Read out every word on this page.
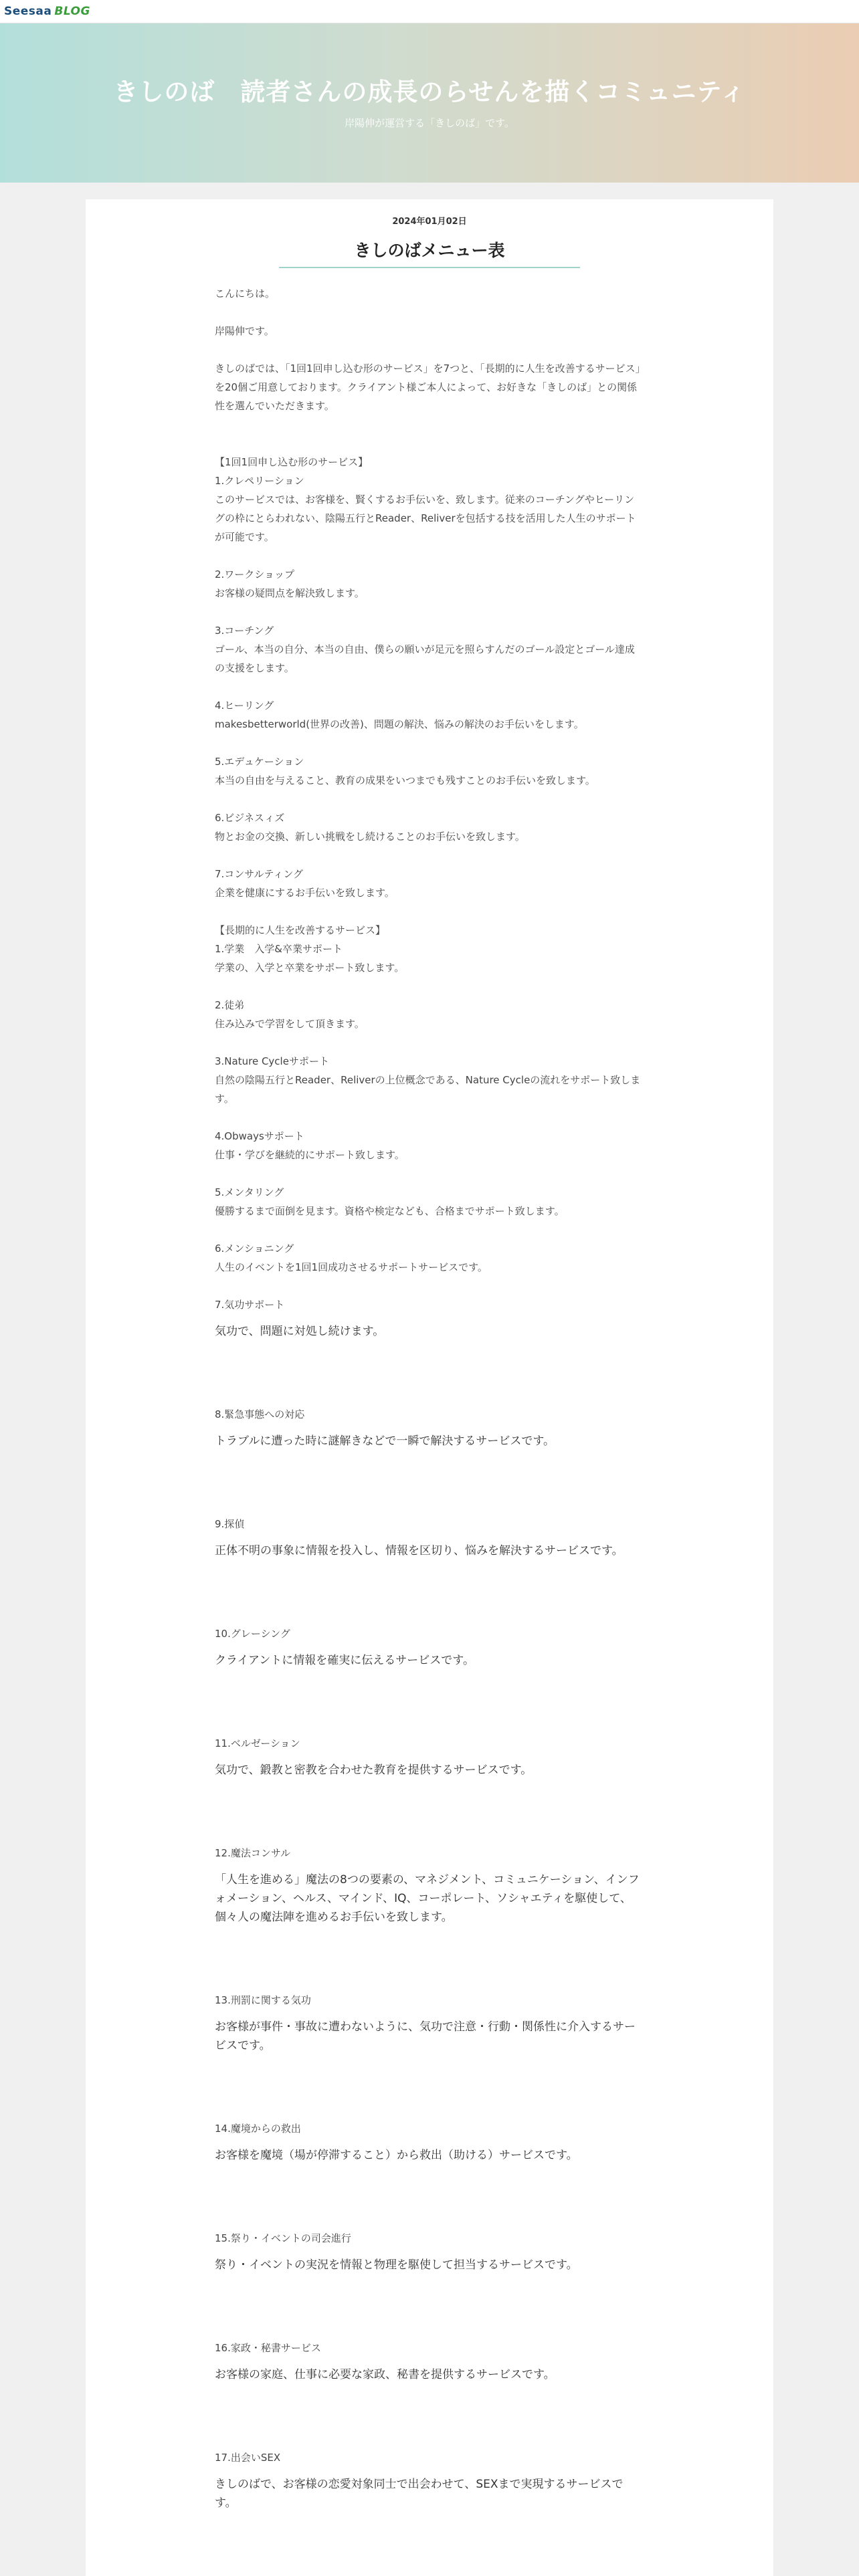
Seesaa BLOG
きしのば　読者さんの成長のらせんを描くコミュニティ
岸陽伸が運営する「きしのば」です。
2024年01月02日
きしのばメニュー表
こんにちは。
岸陽伸です。
きしのばでは、「1回1回申し込む形のサービス」を7つと、「長期的に人生を改善するサービス」を20個ご用意しております。クライアント様ご本人によって、お好きな「きしのば」との関係性を選んでいただきます。
【1回1回申し込む形のサービス】
1.クレペリーション
このサービスでは、お客様を、賢くするお手伝いを、致します。従来のコーチングやヒーリングの枠にとらわれない、陰陽五行とReader、Reliverを包括する技を活用した人生のサポートが可能です。
2.ワークショップ
お客様の疑問点を解決致します。
3.コーチング
ゴール、本当の自分、本当の自由、僕らの願いが足元を照らすんだのゴール設定とゴール達成の支援をします。
4.ヒーリング
makesbetterworld(世界の改善)、問題の解決、悩みの解決のお手伝いをします。
5.エデュケーション
本当の自由を与えること、教育の成果をいつまでも残すことのお手伝いを致します。
6.ビジネスィズ
物とお金の交換、新しい挑戦をし続けることのお手伝いを致します。
7.コンサルティング
企業を健康にするお手伝いを致します。
【長期的に人生を改善するサービス】
1.学業　入学&卒業サポート
学業の、入学と卒業をサポート致します。
2.徒弟
住み込みで学習をして頂きます。
3.Nature Cycleサポート
自然の陰陽五行とReader、Reliverの上位概念である、Nature Cycleの流れをサポート致します。
4.Obwaysサポート
仕事・学びを継続的にサポート致します。
5.メンタリング
優勝するまで面倒を見ます。資格や検定なども、合格までサポート致します。
6.メンショニング
人生のイベントを1回1回成功させるサポートサービスです。
7.気功サポート
気功で、問題に対処し続けます。
8.緊急事態への対応
トラブルに遭った時に謎解きなどで一瞬で解決するサービスです。
9.探偵
正体不明の事象に情報を投入し、情報を区切り、悩みを解決するサービスです。
10.グレーシング
クライアントに情報を確実に伝えるサービスです。
11.ベルゼーション
気功で、鍛教と密教を合わせた教育を提供するサービスです。
12.魔法コンサル
「人生を進める」魔法の8つの要素の、マネジメント、コミュニケーション、インフォメーション、ヘルス、マインド、IQ、コーポレート、ソシャエティを駆使して、個々人の魔法陣を進めるお手伝いを致します。
13.刑罰に関する気功
お客様が事件・事故に遭わないように、気功で注意・行動・関係性に介入するサービスです。
14.魔境からの救出
お客様を魔境（場が停滞すること）から救出（助ける）サービスです。
15.祭り・イベントの司会進行
祭り・イベントの実況を情報と物理を駆使して担当するサービスです。
16.家政・秘書サービス
お客様の家庭、仕事に必要な家政、秘書を提供するサービスです。
17.出会いSEX
きしのばで、お客様の恋愛対象同士で出会わせて、SEXまで実現するサービスです。
